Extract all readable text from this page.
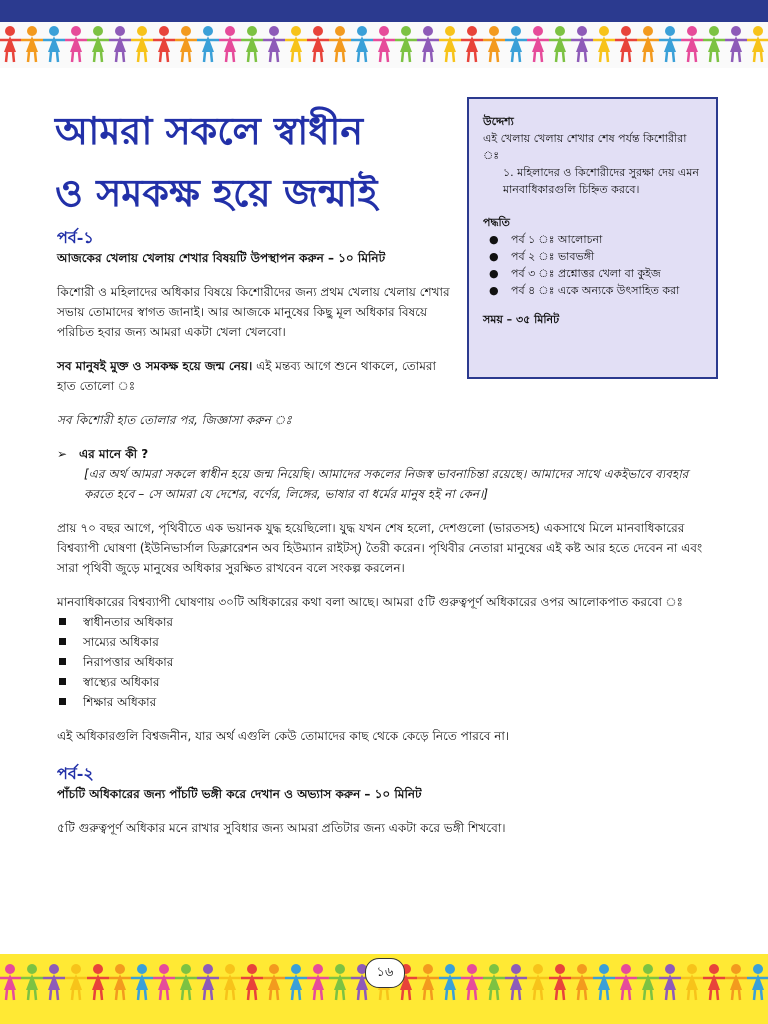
আমরা সকলে স্বাধীন
ও সমকক্ষ হয়ে জন্মাই

উদ্দেশ্য

এই খেলায় খেলায় শেখার শেষ পর্যন্ত কিশোরীরা ঃ

১. মহিলাদের ও কিশোরীদের সুরক্ষা দেয় এমন মানবাধিকারগুলি চিহ্নিত করবে।

পদ্ধতি

● পর্ব ১ ঃ আলোচনা
● পর্ব ২ ঃ ভাবভঙ্গী
● পর্ব ৩ ঃ প্রশ্নোত্তর খেলা বা কুইজ
● পর্ব ৪ ঃ একে অন্যকে উৎসাহিত করা

সময় – ৩৫ মিনিট

পর্ব-১

আজকের খেলায় খেলায় শেখার বিষয়টি উপস্থাপন করুন – ১০ মিনিট

কিশোরী ও মহিলাদের অধিকার বিষয়ে কিশোরীদের জন্য প্রথম খেলায় খেলায় শেখার সভায় তোমাদের স্বাগত জানাই। আর আজকে মানুষের কিছু মূল অধিকার বিষয়ে পরিচিত হবার জন্য আমরা একটা খেলা খেলবো।

সব মানুষই মুক্ত ও সমকক্ষ হয়ে জন্ম নেয়। এই মন্তব্য আগে শুনে থাকলে, তোমরা হাত তোলো ঃ

সব কিশোরী হাত তোলার পর, জিজ্ঞাসা করুন ঃ

➢ এর মানে কী ?

[এর অর্থ আমরা সকলে স্বাধীন হয়ে জন্ম নিয়েছি। আমাদের সকলের নিজস্ব ভাবনাচিন্তা রয়েছে। আমাদের সাথে একইভাবে ব্যবহার করতে হবে – সে আমরা যে দেশের, বর্ণের, লিঙ্গের, ভাষার বা ধর্মের মানুষ হই না কেন।]

প্রায় ৭০ বছর আগে, পৃথিবীতে এক ভয়ানক যুদ্ধ হয়েছিলো। যুদ্ধ যখন শেষ হলো, দেশগুলো (ভারতসহ) একসাথে মিলে মানবাধিকারের বিশ্বব্যাপী ঘোষণা (ইউনিভার্সাল ডিক্লারেশন অব হিউম্যান রাইটস্) তৈরী করেন। পৃথিবীর নেতারা মানুষের এই কষ্ট আর হতে দেবেন না এবং সারা পৃথিবী জুড়ে মানুষের অধিকার সুরক্ষিত রাখবেন বলে সংকল্প করলেন।

মানবাধিকারের বিশ্বব্যাপী ঘোষণায় ৩০টি অধিকারের কথা বলা আছে। আমরা ৫টি গুরুত্বপূর্ণ অধিকারের ওপর আলোকপাত করবো ঃ

স্বাধীনতার অধিকার
সাম্যের অধিকার
নিরাপত্তার অধিকার
স্বাস্থ্যের অধিকার
শিক্ষার অধিকার

এই অধিকারগুলি বিশ্বজনীন, যার অর্থ এগুলি কেউ তোমাদের কাছ থেকে কেড়ে নিতে পারবে না।

পর্ব-২

পাঁচটি অধিকারের জন্য পাঁচটি ভঙ্গী করে দেখান ও অভ্যাস করুন – ১০ মিনিট

৫টি গুরুত্বপূর্ণ অধিকার মনে রাখার সুবিধার জন্য আমরা প্রতিটার জন্য একটা করে ভঙ্গী শিখবো।

১৬
